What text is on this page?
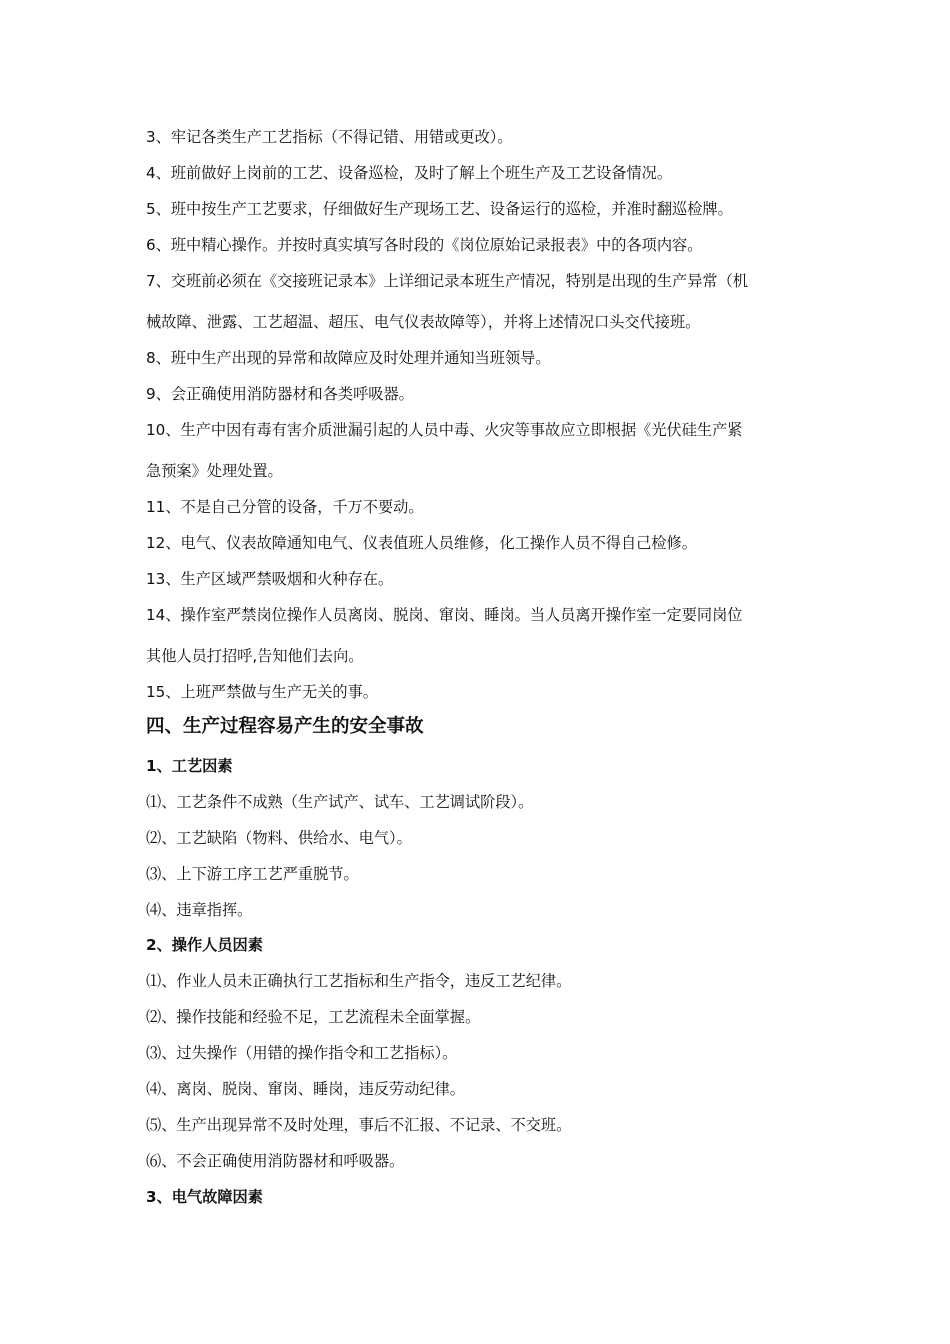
3、牢记各类生产工艺指标（不得记错、用错或更改）。

4、班前做好上岗前的工艺、设备巡检，及时了解上个班生产及工艺设备情况。

5、班中按生产工艺要求，仔细做好生产现场工艺、设备运行的巡检，并准时翻巡检牌。

6、班中精心操作。并按时真实填写各时段的《岗位原始记录报表》中的各项内容。

7、交班前必须在《交接班记录本》上详细记录本班生产情况，特别是出现的生产异常（机

械故障、泄露、工艺超温、超压、电气仪表故障等），并将上述情况口头交代接班。

8、班中生产出现的异常和故障应及时处理并通知当班领导。

9、会正确使用消防器材和各类呼吸器。

10、生产中因有毒有害介质泄漏引起的人员中毒、火灾等事故应立即根据《光伏硅生产紧

急预案》处理处置。

11、不是自己分管的设备，千万不要动。

12、电气、仪表故障通知电气、仪表值班人员维修，化工操作人员不得自己检修。

13、生产区域严禁吸烟和火种存在。

14、操作室严禁岗位操作人员离岗、脱岗、窜岗、睡岗。当人员离开操作室一定要同岗位

其他人员打招呼,告知他们去向。

15、上班严禁做与生产无关的事。

四、生产过程容易产生的安全事故
1、工艺因素

⑴、工艺条件不成熟（生产试产、试车、工艺调试阶段）。

⑵、工艺缺陷（物料、供给水、电气）。

⑶、上下游工序工艺严重脱节。

⑷、违章指挥。

2、操作人员因素

⑴、作业人员未正确执行工艺指标和生产指令，违反工艺纪律。

⑵、操作技能和经验不足，工艺流程未全面掌握。

⑶、过失操作（用错的操作指令和工艺指标）。

⑷、离岗、脱岗、窜岗、睡岗，违反劳动纪律。

⑸、生产出现异常不及时处理，事后不汇报、不记录、不交班。

⑹、不会正确使用消防器材和呼吸器。

3、电气故障因素
